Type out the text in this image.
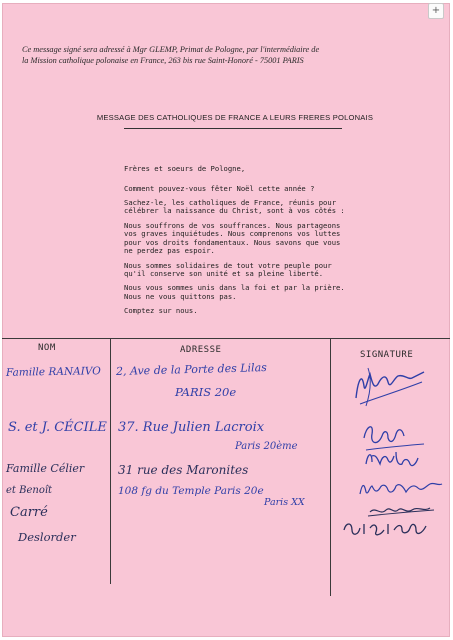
+
Ce message signé sera adressé à Mgr GLEMP, Primat de Pologne, par l'intermédiaire de
la Mission catholique polonaise en France, 263 bis rue Saint-Honoré - 75001 PARIS
MESSAGE DES CATHOLIQUES DE FRANCE A LEURS FRERES POLONAIS

Frères et soeurs de Pologne,

Comment pouvez-vous fêter Noël cette année ?

Sachez-le, les catholiques de France, réunis pour
célébrer la naissance du Christ, sont à vos côtés :

Nous souffrons de vos souffrances. Nous partageons
vos graves inquiétudes. Nous comprenons vos luttes
pour vos droits fondamentaux. Nous savons que vous
ne perdez pas espoir.

Nous sommes solidaires de tout votre peuple pour
qu'il conserve son unité et sa pleine liberté.

Nous vous sommes unis dans la foi et par la prière.
Nous ne vous quittons pas.

Comptez sur nous.

NOM	ADRESSE	SIGNATURE
Famille RANAIVO
S. et J. CÉCILE
Famille Célier
et Benoît
Carré
Deslorder
2, Ave de la Porte des Lilas
PARIS 20e
37. Rue Julien Lacroix
Paris 20ème
31 rue des Maronites
108 fg du Temple Paris 20e
Paris XX
